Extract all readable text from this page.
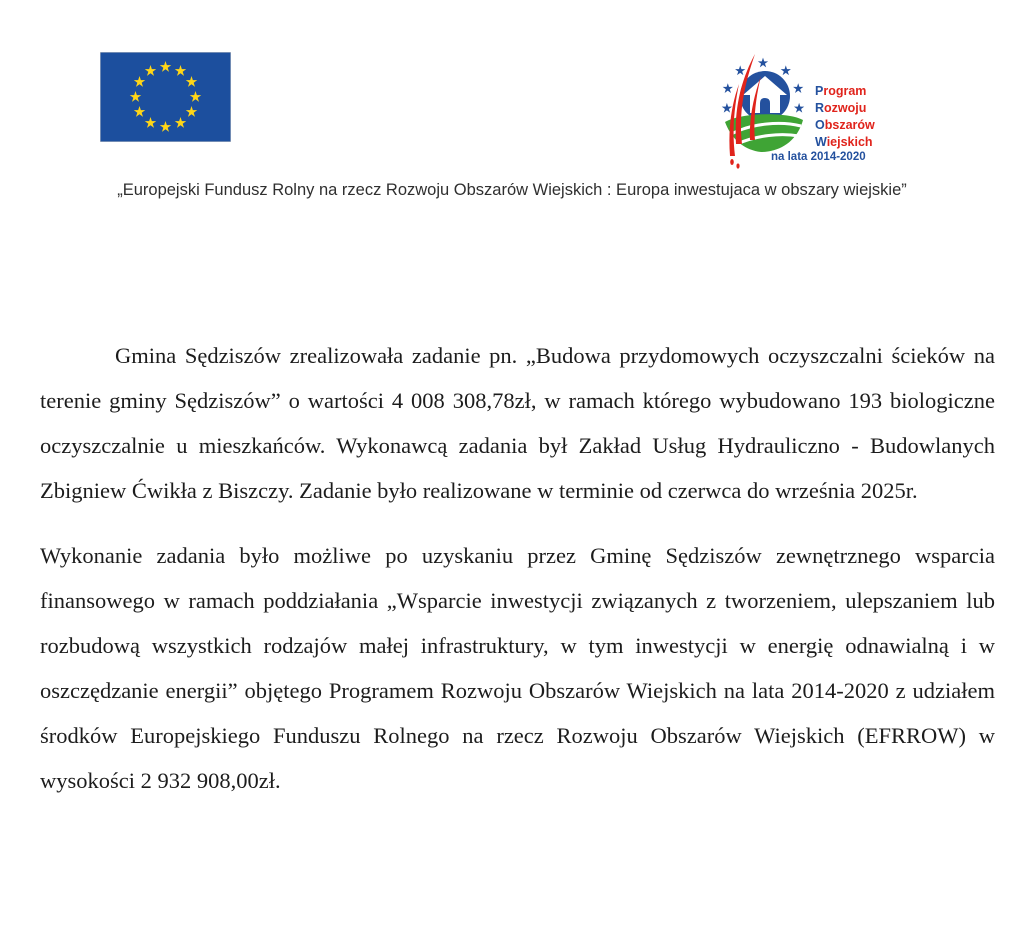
Program
Rozwoju
Obszarów
Wiejskich
na lata 2014-2020

„Europejski Fundusz Rolny na rzecz Rozwoju Obszarów Wiejskich : Europa inwestujaca w obszary wiejskie”

Gmina Sędziszów zrealizowała zadanie pn. „Budowa przydomowych oczyszczalni ścieków na terenie gminy Sędziszów” o wartości 4 008 308,78zł, w ramach którego wybudowano 193 biologiczne oczyszczalnie u mieszkańców. Wykonawcą zadania był Zakład Usług Hydrauliczno - Budowlanych Zbigniew Ćwikła z Biszczy. Zadanie było realizowane w terminie od czerwca do września 2025r.

Wykonanie zadania było możliwe po uzyskaniu przez Gminę Sędziszów zewnętrznego wsparcia finansowego w ramach poddziałania „Wsparcie inwestycji związanych z tworzeniem, ulepszaniem lub rozbudową wszystkich rodzajów małej infrastruktury, w tym inwestycji w energię odnawialną i w oszczędzanie energii” objętego Programem Rozwoju Obszarów Wiejskich na lata 2014-2020 z udziałem środków Europejskiego Funduszu Rolnego na rzecz Rozwoju Obszarów Wiejskich (EFRROW) w wysokości 2 932 908,00zł.
